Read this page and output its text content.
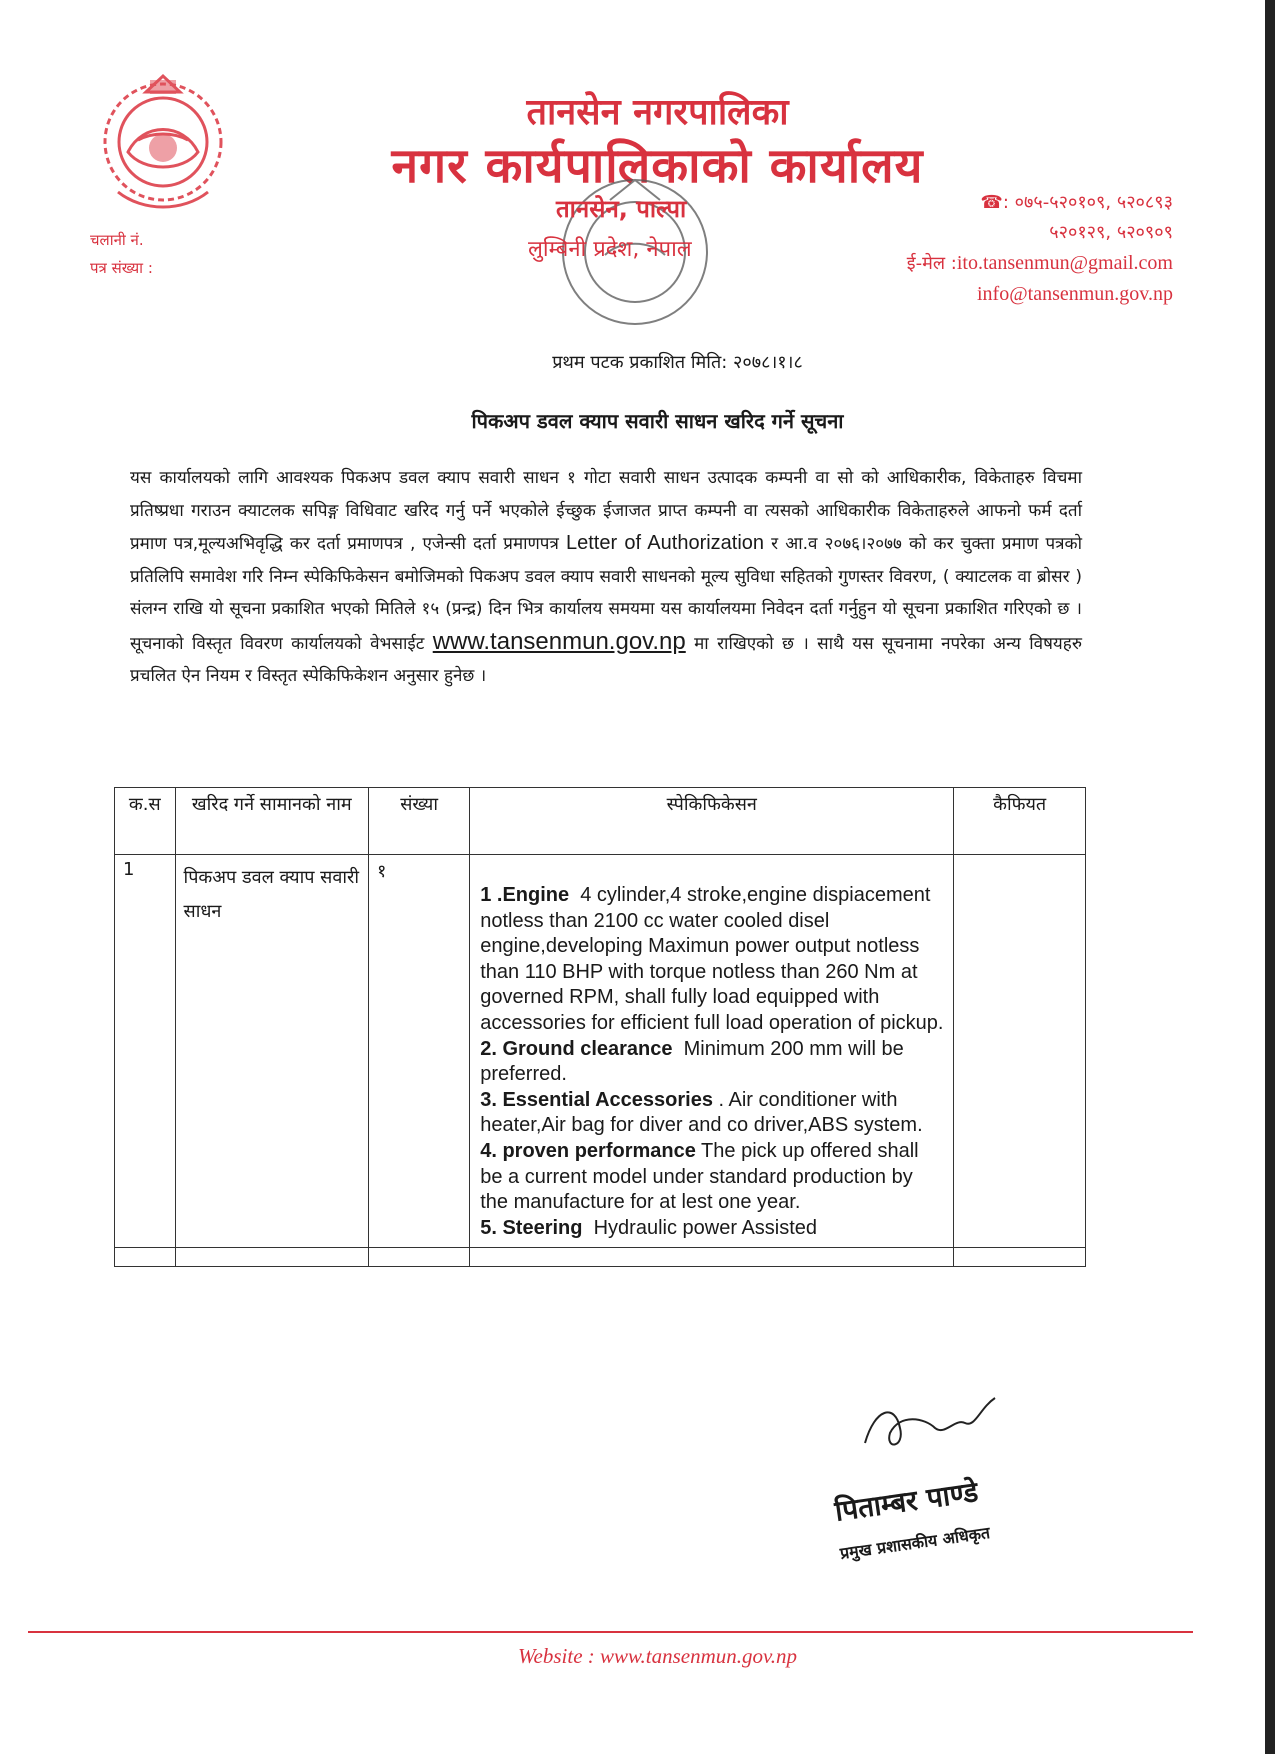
चलानी नं.
पत्र संख्या :
तानसेन नगरपालिका
नगर कार्यपालिकाको कार्यालय
तानसेन, पाल्पा
लुम्बिनी प्रदेश, नेपाल
☎: ०७५-५२०१०९, ५२०८९३
५२०१२९, ५२०९०९
ई-मेल :ito.tansenmun@gmail.com
info@tansenmun.gov.np
प्रथम पटक प्रकाशित मिति: २०७८।१।८
पिकअप डवल क्याप सवारी साधन खरिद गर्ने सूचना
यस कार्यालयको लागि आवश्यक पिकअप डवल क्याप सवारी साधन १ गोटा सवारी साधन उत्पादक कम्पनी वा सो को आधिकारीक, विकेताहरु विचमा प्रतिष्प्रधा गराउन क्याटलक सपिङ्ग विधिवाट खरिद गर्नु पर्ने भएकोले ईच्छुक ईजाजत प्राप्त कम्पनी वा त्यसको आधिकारीक विकेताहरुले आफनो फर्म दर्ता प्रमाण पत्र,मूल्यअभिवृद्धि कर दर्ता प्रमाणपत्र , एजेन्सी दर्ता प्रमाणपत्र Letter of Authorization र आ.व २०७६।२०७७ को कर चुक्ता प्रमाण पत्रको प्रतिलिपि समावेश गरि निम्न स्पेकिफिकेसन बमोजिमको पिकअप डवल क्याप सवारी साधनको मूल्य सुविधा सहितको गुणस्तर विवरण, ( क्याटलक वा ब्रोसर ) संलग्न राखि यो सूचना प्रकाशित भएको मितिले १५ (प्रन्द्र) दिन भित्र कार्यालय समयमा यस कार्यालयमा निवेदन दर्ता गर्नुहुन यो सूचना प्रकाशित गरिएको छ । सूचनाको विस्तृत विवरण कार्यालयको वेभसाईट www.tansenmun.gov.np मा राखिएको छ । साथै यस सूचनामा नपरेका अन्य विषयहरु प्रचलित ऐन नियम र विस्तृत स्पेकिफिकेशन अनुसार हुनेछ ।
क.स	खरिद गर्ने सामानको नाम	संख्या	स्पेकिफिकेसन	कैफियत
1	पिकअप डवल क्याप सवारी साधन	१	1 .Engine 4 cylinder,4 stroke,engine dispiacement notless than 2100 cc water cooled disel engine,developing Maximun power output notless than 110 BHP with torque notless than 260 Nm at governed RPM, shall fully load equipped with accessories for efficient full load operation of pickup.

2. Ground clearance Minimum 200 mm will be preferred.

3. Essential Accessories . Air conditioner with heater,Air bag for diver and co driver,ABS system.

4. proven performance The pick up offered shall be a current model under standard production by the manufacture for at lest one year.

5. Steering Hydraulic power Assisted	

पिताम्बर पाण्डे
प्रमुख प्रशासकीय अधिकृत
Website : www.tansenmun.gov.np
